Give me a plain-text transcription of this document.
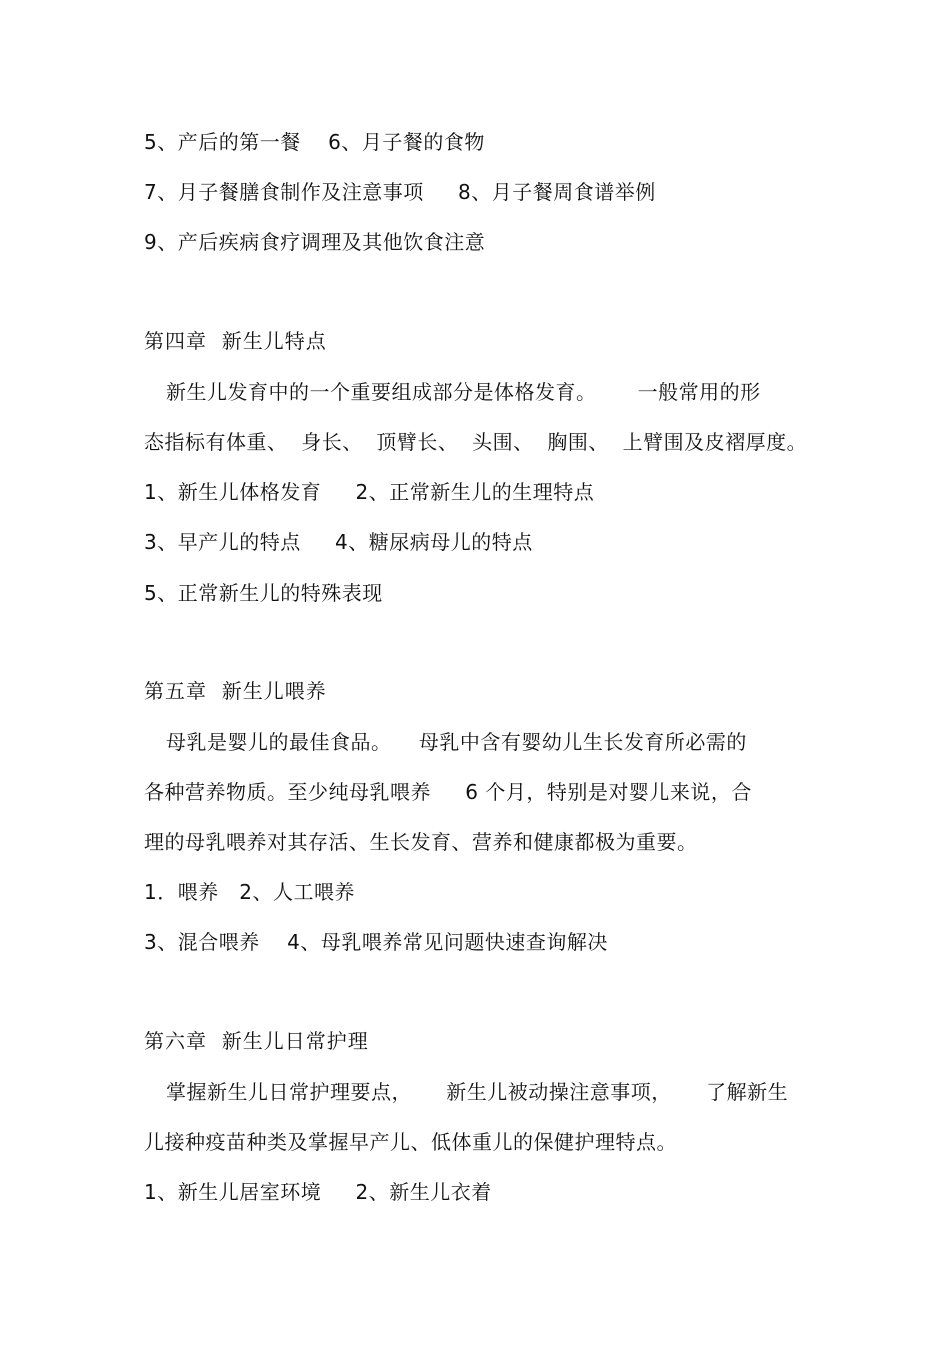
5、产后的第一餐    6、月子餐的食物
7、月子餐膳食制作及注意事项     8、月子餐周食谱举例
9、产后疾病食疗调理及其他饮食注意
第四章  新生儿特点
新生儿发育中的一个重要组成部分是体格发育。      一般常用的形
态指标有体重、  身长、  顶臂长、  头围、  胸围、  上臂围及皮褶厚度。
1、新生儿体格发育     2、正常新生儿的生理特点
3、早产儿的特点     4、糖尿病母儿的特点
5、正常新生儿的特殊表现
第五章  新生儿喂养
母乳是婴儿的最佳食品。    母乳中含有婴幼儿生长发育所必需的
各种营养物质。至少纯母乳喂养     6 个月，特别是对婴儿来说，合
理的母乳喂养对其存活、生长发育、营养和健康都极为重要。
1．喂养   2、人工喂养
3、混合喂养    4、母乳喂养常见问题快速查询解决
第六章  新生儿日常护理
掌握新生儿日常护理要点，     新生儿被动操注意事项，     了解新生
儿接种疫苗种类及掌握早产儿、低体重儿的保健护理特点。
1、新生儿居室环境     2、新生儿衣着
